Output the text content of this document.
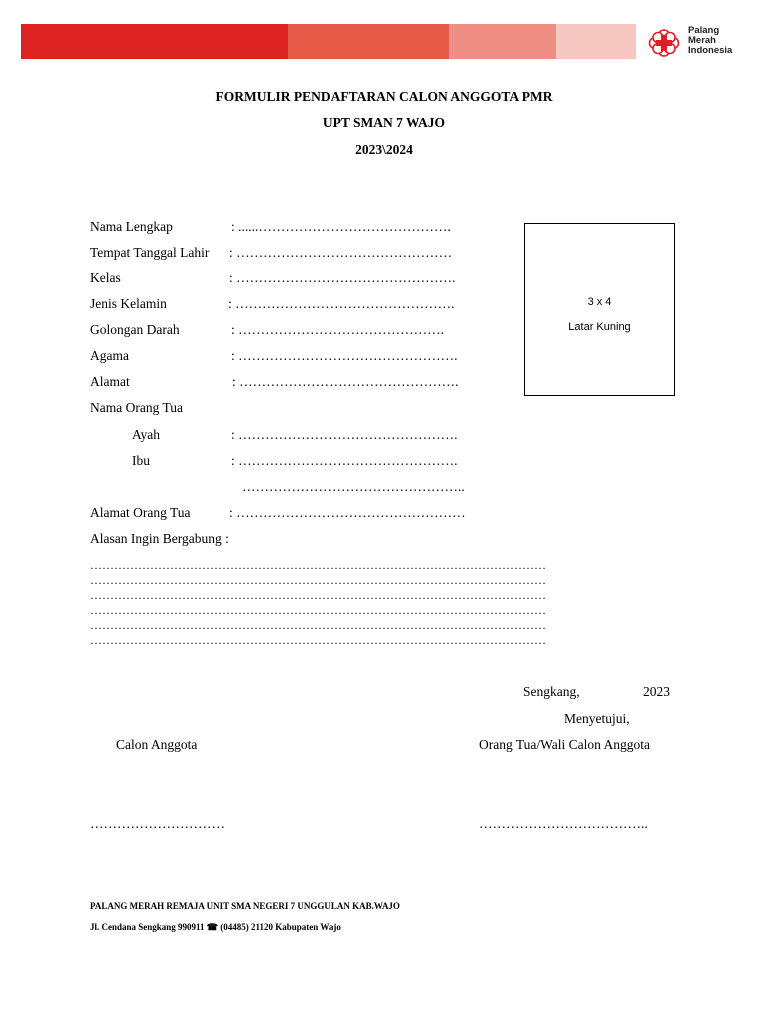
Palang
Merah
Indonesia
FORMULIR PENDAFTARAN CALON ANGGOTA PMR
UPT SMAN 7 WAJO
2023\2024
Nama Lengkap	: ......…………………………………….
Tempat Tanggal Lahir : …………………………………………
Kelas	: ………………………………………….
Jenis Kelamin	: ………………………………………….
Golongan Darah	: ……………………………………….
Agama	: ………………………………………….
Alamat	: ………………………………………….
Nama Orang Tua
Ayah	: ………………………………………….
Ibu	: ………………………………………….
…………………………………………..
Alamat Orang Tua	: ……………………………………………
Alasan Ingin Bergabung :
……………………………………………………………………………………………………
……………………………………………………………………………………………………
……………………………………………………………………………………………………
……………………………………………………………………………………………………
……………………………………………………………………………………………………
……………………………………………………………………………………………………
3 x 4
Latar Kuning
Sengkang,	2023
Menyetujui,
Calon Anggota	Orang Tua/Wali Calon Anggota
…………………………	………………………………..
PALANG MERAH REMAJA UNIT SMA NEGERI 7 UNGGULAN KAB.WAJO
Jl. Cendana Sengkang 990911 ☎ (04485) 21120 Kabupaten Wajo
